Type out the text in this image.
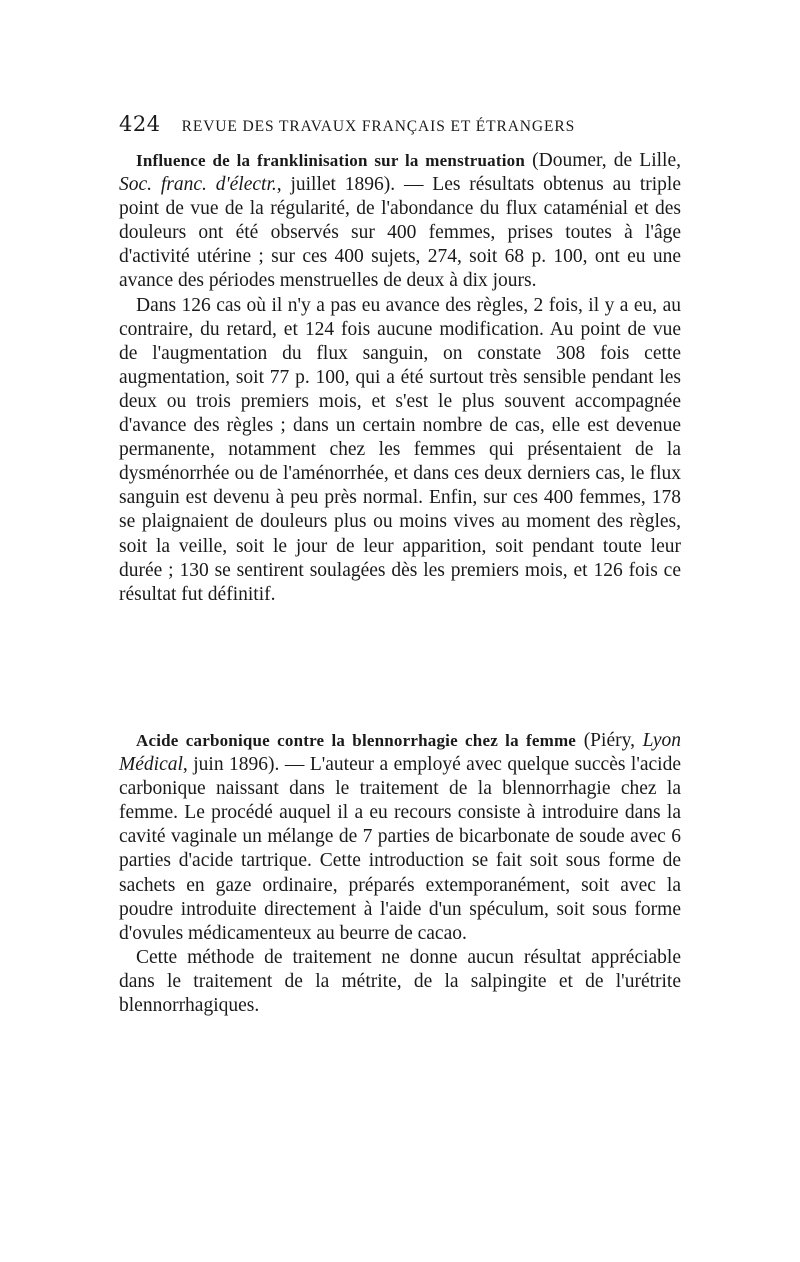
424 REVUE DES TRAVAUX FRANÇAIS ET ÉTRANGERS

Influence de la franklinisation sur la menstruation (Doumer, de Lille, Soc. franc. d'électr., juillet 1896). — Les résultats obtenus au triple point de vue de la régularité, de l'abondance du flux cataménial et des douleurs ont été observés sur 400 femmes, prises toutes à l'âge d'activité utérine ; sur ces 400 sujets, 274, soit 68 p. 100, ont eu une avance des périodes menstruelles de deux à dix jours.

Dans 126 cas où il n'y a pas eu avance des règles, 2 fois, il y a eu, au contraire, du retard, et 124 fois aucune modification. Au point de vue de l'augmentation du flux sanguin, on constate 308 fois cette augmentation, soit 77 p. 100, qui a été surtout très sensible pendant les deux ou trois premiers mois, et s'est le plus souvent accompagnée d'avance des règles ; dans un certain nombre de cas, elle est devenue permanente, notamment chez les femmes qui présentaient de la dysménorrhée ou de l'aménorrhée, et dans ces deux derniers cas, le flux sanguin est devenu à peu près normal. Enfin, sur ces 400 femmes, 178 se plaignaient de douleurs plus ou moins vives au moment des règles, soit la veille, soit le jour de leur apparition, soit pendant toute leur durée ; 130 se sentirent soulagées dès les premiers mois, et 126 fois ce résultat fut définitif.

Acide carbonique contre la blennorrhagie chez la femme (Piéry, Lyon Médical, juin 1896). — L'auteur a employé avec quelque succès l'acide carbonique naissant dans le traitement de la blennorrhagie chez la femme. Le procédé auquel il a eu recours consiste à introduire dans la cavité vaginale un mélange de 7 parties de bicarbonate de soude avec 6 parties d'acide tartrique. Cette introduction se fait soit sous forme de sachets en gaze ordinaire, préparés extemporanément, soit avec la poudre introduite directement à l'aide d'un spéculum, soit sous forme d'ovules médicamenteux au beurre de cacao.

Cette méthode de traitement ne donne aucun résultat appréciable dans le traitement de la métrite, de la salpingite et de l'urétrite blennorrhagiques.
